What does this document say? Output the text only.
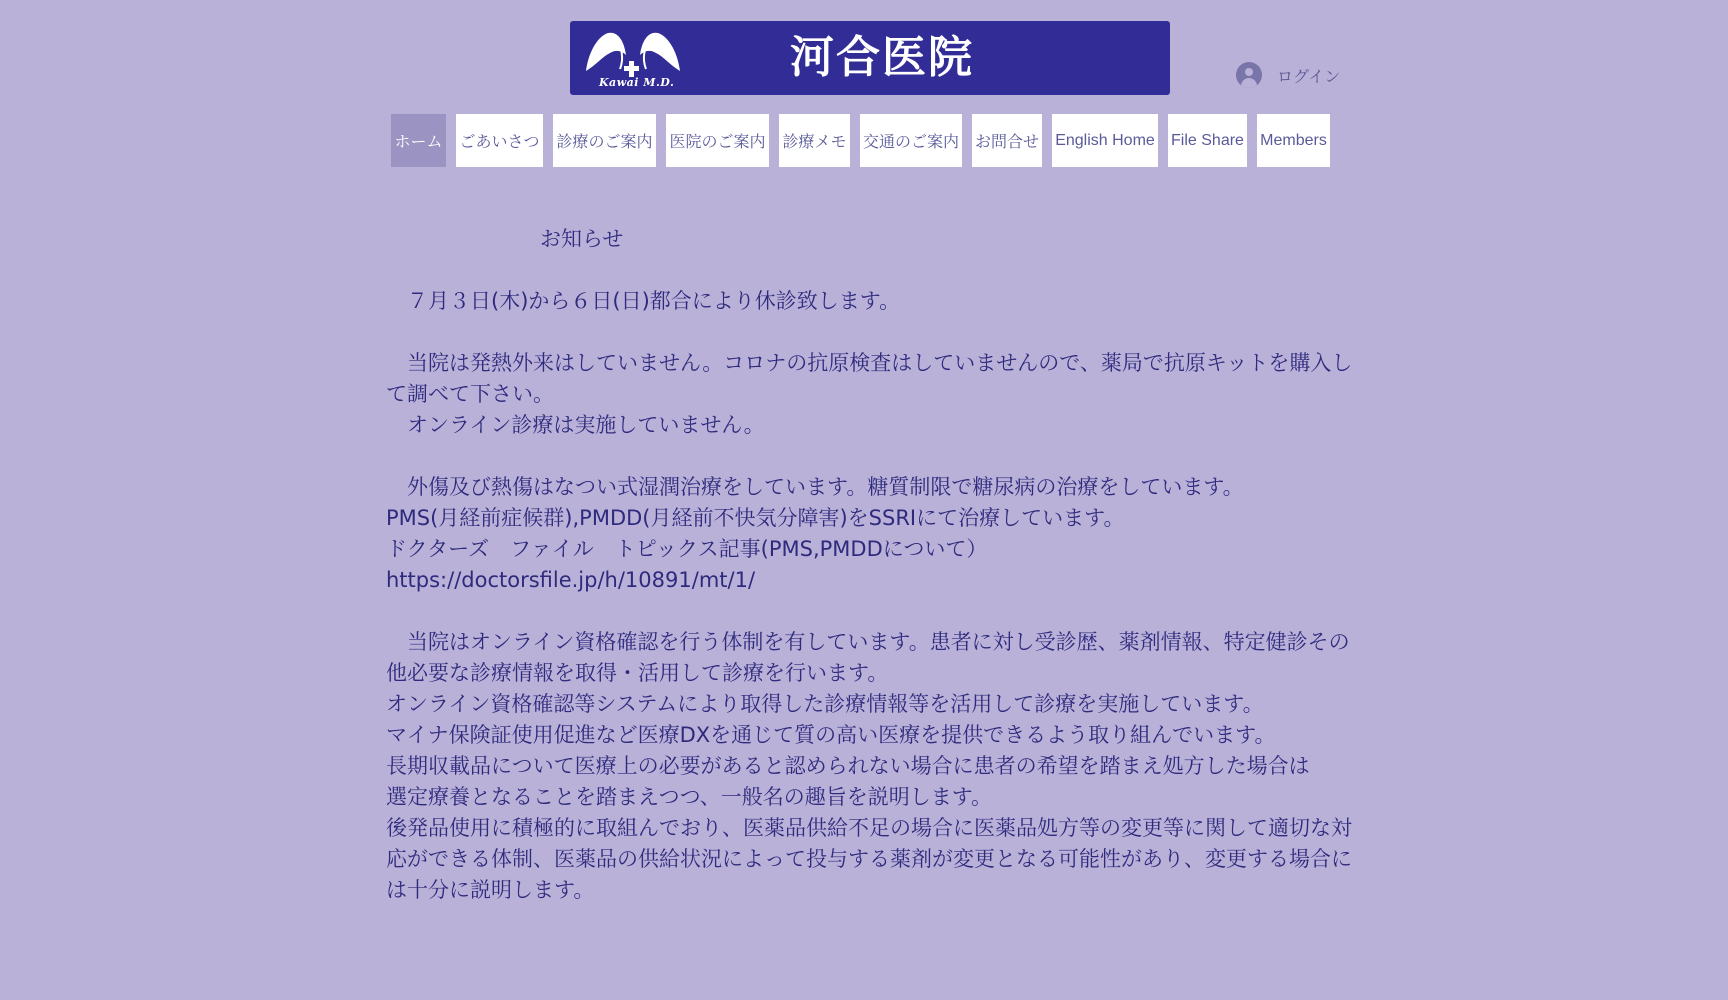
Kawai M.D.	河合医院	ログイン
ホーム ごあいさつ 診療のご案内 医院のご案内 診療メモ 交通のご案内 お問合せ English Home File Share Members

お知らせ

　７月３日(木)から６日(日)都合により休診致します。

　当院は発熱外来はしていません。コロナの抗原検査はしていませんので、薬局で抗原キットを購入して調べて下さい。

　オンライン診療は実施していません。

　外傷及び熱傷はなつい式湿潤治療をしています。糖質制限で糖尿病の治療をしています。

PMS(月経前症候群),PMDD(月経前不快気分障害)をSSRIにて治療しています。

ドクターズ　ファイル　トピックス記事(PMS,PMDDについて）

https://doctorsfile.jp/h/10891/mt/1/

　当院はオンライン資格確認を行う体制を有しています。患者に対し受診歴、薬剤情報、特定健診その他必要な診療情報を取得・活用して診療を行います。

オンライン資格確認等システムにより取得した診療情報等を活用して診療を実施しています。

マイナ保険証使用促進など医療DXを通じて質の高い医療を提供できるよう取り組んでいます。

長期収載品について医療上の必要があると認められない場合に患者の希望を踏まえ処方した場合は

選定療養となることを踏まえつつ、一般名の趣旨を説明します。

後発品使用に積極的に取組んでおり、医薬品供給不足の場合に医薬品処方等の変更等に関して適切な対応ができる体制、医薬品の供給状況によって投与する薬剤が変更となる可能性があり、変更する場合には十分に説明します。
